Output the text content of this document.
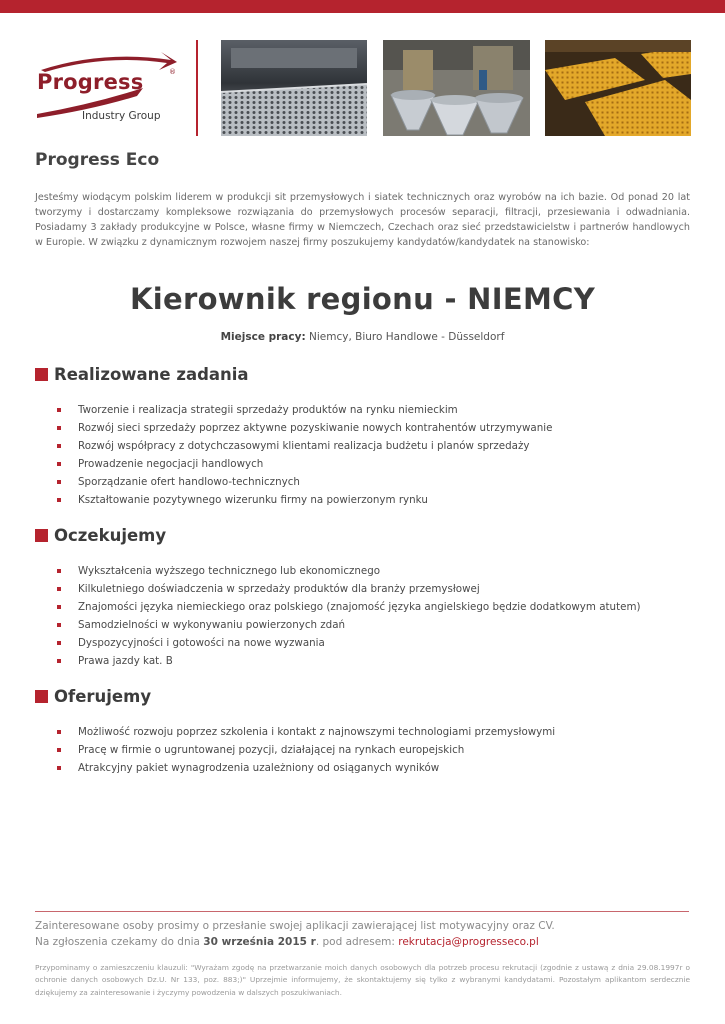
Progress	®
Industry Group
Progress Eco

Jesteśmy wiodącym polskim liderem w produkcji sit przemysłowych i siatek technicznych oraz wyrobów na ich bazie. Od ponad 20 lat tworzymy i dostarczamy kompleksowe rozwiązania do przemysłowych procesów separacji, filtracji, przesiewania i odwadniania. Posiadamy 3 zakłady produkcyjne w Polsce, własne firmy w Niemczech, Czechach oraz sieć przedstawicielstw i partnerów handlowych w Europie. W związku z dynamicznym rozwojem naszej firmy poszukujemy kandydatów/kandydatek na stanowisko:

Kierownik regionu - NIEMCY
Miejsce pracy: Niemcy, Biuro Handlowe - Düsseldorf
Realizowane zadania
Tworzenie i realizacja strategii sprzedaży produktów na rynku niemieckim
Rozwój sieci sprzedaży poprzez aktywne pozyskiwanie nowych kontrahentów utrzymywanie
Rozwój współpracy z dotychczasowymi klientami realizacja budżetu i planów sprzedaży
Prowadzenie negocjacji handlowych
Sporządzanie ofert handlowo-technicznych
Kształtowanie pozytywnego wizerunku firmy na powierzonym rynku
Oczekujemy
Wykształcenia wyższego technicznego lub ekonomicznego
Kilkuletniego doświadczenia w sprzedaży produktów dla branży przemysłowej
Znajomości języka niemieckiego oraz polskiego (znajomość języka angielskiego będzie dodatkowym atutem)
Samodzielności w wykonywaniu powierzonych zdań
Dyspozycyjności i gotowości na nowe wyzwania
Prawa jazdy kat. B
Oferujemy
Możliwość rozwoju poprzez szkolenia i kontakt z najnowszymi technologiami przemysłowymi
Pracę w firmie o ugruntowanej pozycji, działającej na rynkach europejskich
Atrakcyjny pakiet wynagrodzenia uzależniony od osiąganych wyników
Zainteresowane osoby prosimy o przesłanie swojej aplikacji zawierającej list motywacyjny oraz CV.
Na zgłoszenia czekamy do dnia 30 września 2015 r. pod adresem: rekrutacja@progresseco.pl

Przypominamy o zamieszczeniu klauzuli: "Wyrażam zgodę na przetwarzanie moich danych osobowych dla potrzeb procesu rekrutacji (zgodnie z ustawą z dnia 29.08.1997r o ochronie danych osobowych Dz.U. Nr 133, poz. 883;)" Uprzejmie informujemy, że skontaktujemy się tylko z wybranymi kandydatami. Pozostałym aplikantom serdecznie dziękujemy za zainteresowanie i życzymy powodzenia w dalszych poszukiwaniach.
